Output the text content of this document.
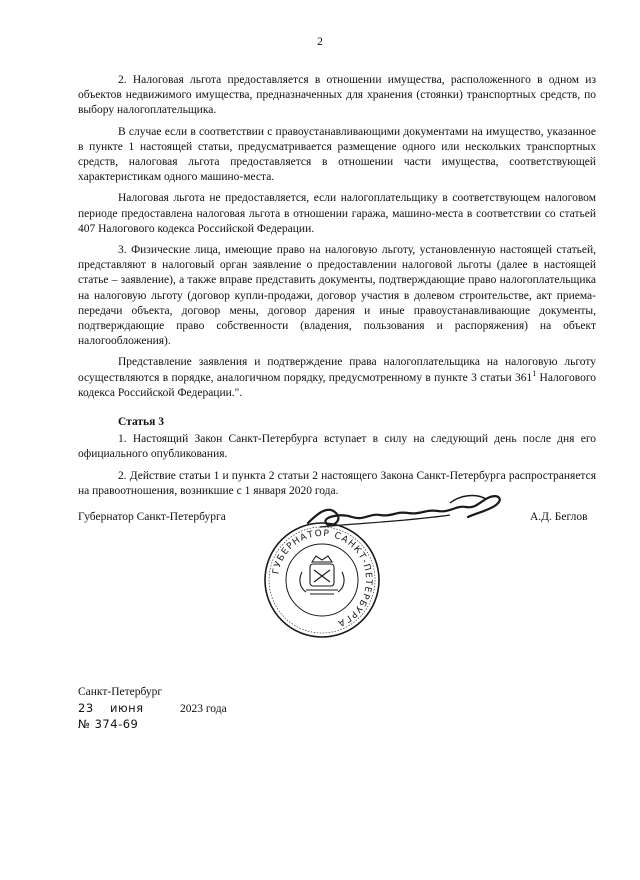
2

2. Налоговая льгота предоставляется в отношении имущества, расположенного в одном из объектов недвижимого имущества, предназначенных для хранения (стоянки) транспортных средств, по выбору налогоплательщика.

В случае если в соответствии с правоустанавливающими документами на имущество, указанное в пункте 1 настоящей статьи, предусматривается размещение одного или нескольких транспортных средств, налоговая льгота предоставляется в отношении части имущества, соответствующей характеристикам одного машино-места.

Налоговая льгота не предоставляется, если налогоплательщику в соответствующем налоговом периоде предоставлена налоговая льгота в отношении гаража, машино-места в соответствии со статьей 407 Налогового кодекса Российской Федерации.

3. Физические лица, имеющие право на налоговую льготу, установленную настоящей статьей, представляют в налоговый орган заявление о предоставлении налоговой льготы (далее в настоящей статье – заявление), а также вправе представить документы, подтверждающие право налогоплательщика на налоговую льготу (договор купли-продажи, договор участия в долевом строительстве, акт приема-передачи объекта, договор мены, договор дарения и иные правоустанавливающие документы, подтверждающие право собственности (владения, пользования и распоряжения) на объект налогообложения).

Представление заявления и подтверждение права налогоплательщика на налоговую льготу осуществляются в порядке, аналогичном порядку, предусмотренному в пункте 3 статьи $361^1$ Налогового кодекса Российской Федерации.".

Статья 3

1. Настоящий Закон Санкт-Петербурга вступает в силу на следующий день после дня его официального опубликования.

2. Действие статьи 1 и пункта 2 статьи 2 настоящего Закона Санкт-Петербурга распространяется на правоотношения, возникшие с 1 января 2020 года.

Губернатор Санкт-Петербурга	А.Д. Беглов
ГУБЕРНАТОР САНКТ-ПЕТЕРБУРГА
Санкт-Петербург
23 июня	2023 года
№ 374-69
